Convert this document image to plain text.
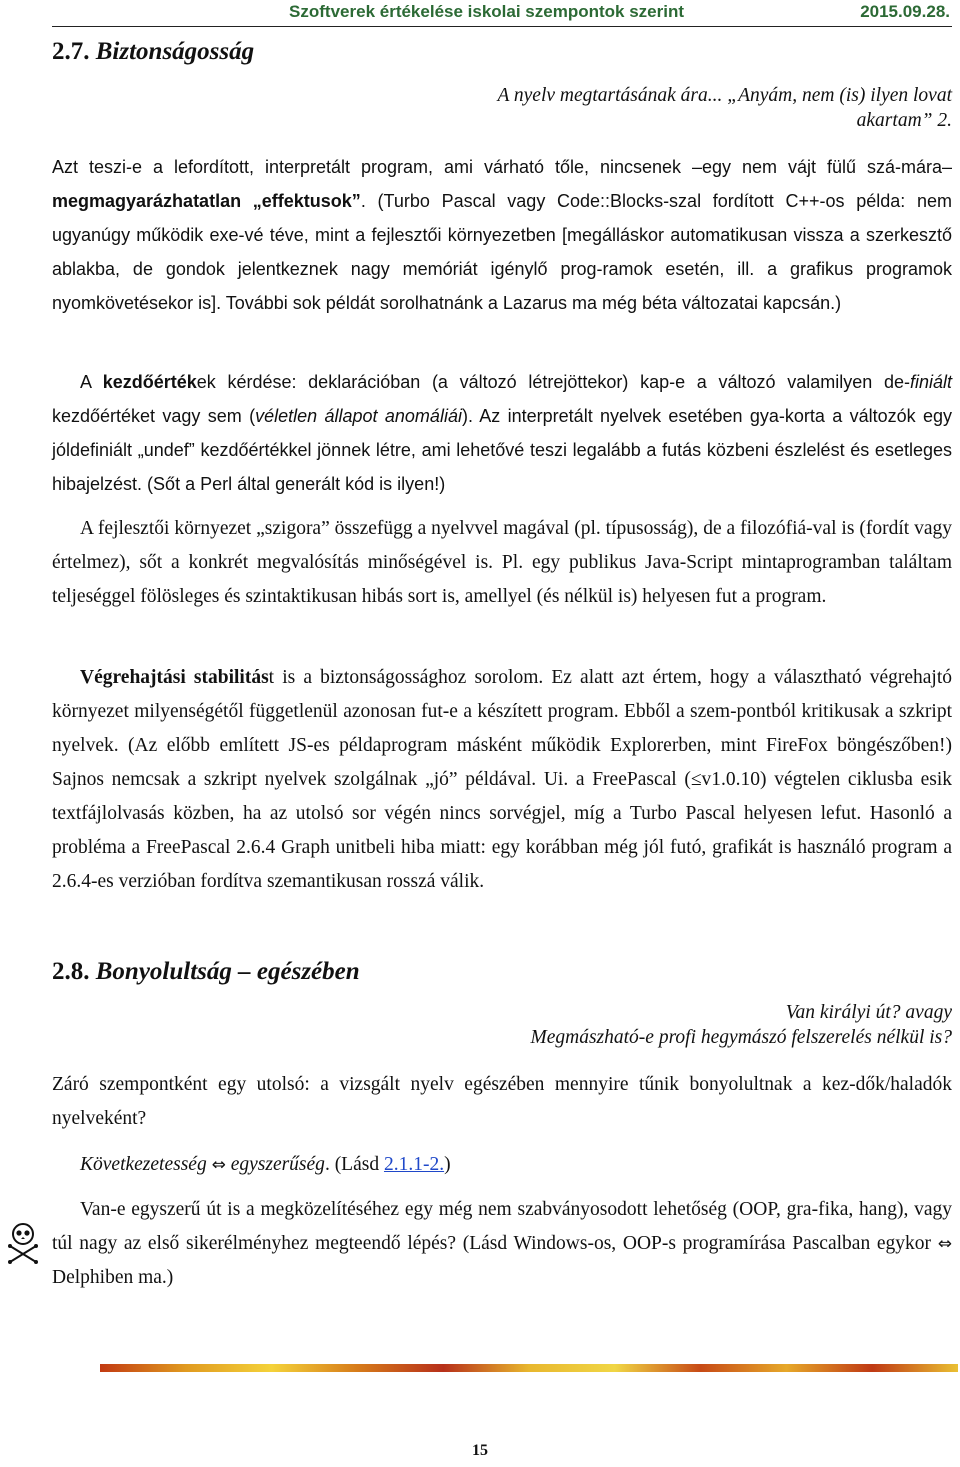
Szoftverek értékelése iskolai szempontok szerint	2015.09.28.
2.7. Biztonságosság
A nyelv megtartásának ára... „Anyám, nem (is) ilyen lovat
akartam” 2.

Azt teszi-e a lefordított, interpretált program, ami várható tőle, nincsenek –egy nem vájt fülű szá-mára– megmagyarázhatatlan „effektusok”. (Turbo Pascal vagy Code::Blocks-szal fordított C++-os példa: nem ugyanúgy működik exe-vé téve, mint a fejlesztői környezetben [megálláskor automatikusan vissza a szerkesztő ablakba, de gondok jelentkeznek nagy memóriát igénylő prog-ramok esetén, ill. a grafikus programok nyomkövetésekor is]. További sok példát sorolhatnánk a Lazarus ma még béta változatai kapcsán.)

A kezdőértékek kérdése: deklarációban (a változó létrejöttekor) kap-e a változó valamilyen de-finiált kezdőértéket vagy sem (véletlen állapot anomáliái). Az interpretált nyelvek esetében gya-korta a változók egy jóldefiniált „undef” kezdőértékkel jönnek létre, ami lehetővé teszi legalább a futás közbeni észlelést és esetleges hibajelzést. (Sőt a Perl által generált kód is ilyen!)

A fejlesztői környezet „szigora” összefügg a nyelvvel magával (pl. típusosság), de a filozófiá-val is (fordít vagy értelmez), sőt a konkrét megvalósítás minőségével is. Pl. egy publikus Java-Script mintaprogramban találtam teljeséggel fölösleges és szintaktikusan hibás sort is, amellyel (és nélkül is) helyesen fut a program.

Végrehajtási stabilitást is a biztonságossághoz sorolom. Ez alatt azt értem, hogy a választható végrehajtó környezet milyenségétől függetlenül azonosan fut-e a készített program. Ebből a szem-pontból kritikusak a szkript nyelvek. (Az előbb említett JS-es példaprogram másként működik Explorerben, mint FireFox böngészőben!) Sajnos nemcsak a szkript nyelvek szolgálnak „jó” példával. Ui. a FreePascal (≤v1.0.10) végtelen ciklusba esik textfájlolvasás közben, ha az utolsó sor végén nincs sorvégjel, míg a Turbo Pascal helyesen lefut. Hasonló a probléma a FreePascal 2.6.4 Graph unitbeli hiba miatt: egy korábban még jól futó, grafikát is használó program a 2.6.4-es verzióban fordítva szemantikusan rosszá válik.

2.8. Bonyolultság – egészében
Van királyi út? avagy
Megmászható-e profi hegymászó felszerelés nélkül is?

Záró szempontként egy utolsó: a vizsgált nyelv egészében mennyire tűnik bonyolultnak a kez-dők/haladók nyelveként?

Következetesség ⇔ egyszerűség. (Lásd 2.1.1-2.)

Van-e egyszerű út is a megközelítéséhez egy még nem szabványosodott lehetőség (OOP, gra-fika, hang), vagy túl nagy az első sikerélményhez megteendő lépés? (Lásd Windows-os, OOP-s programírása Pascalban egykor ⇔ Delphiben ma.)

15
